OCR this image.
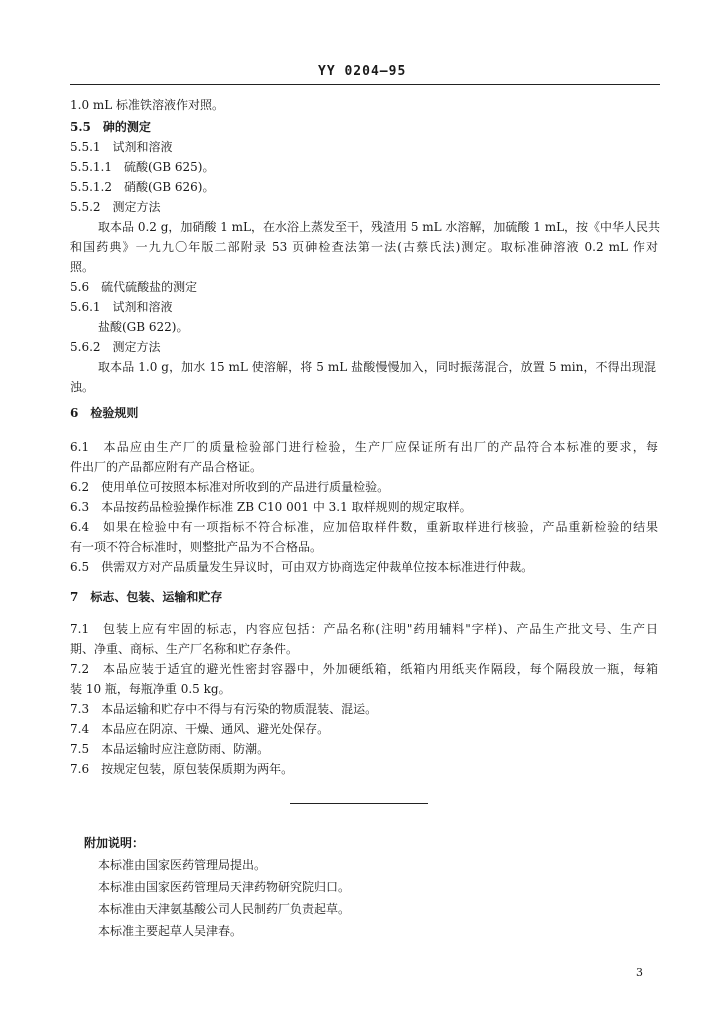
YY 0204—95
1.0 mL 标准铁溶液作对照。
5.5　砷的测定
5.5.1　试剂和溶液
5.5.1.1　硫酸(GB 625)。
5.5.1.2　硝酸(GB 626)。
5.5.2　测定方法
取本品 0.2 g，加硝酸 1 mL，在水浴上蒸发至干，残渣用 5 mL 水溶解，加硫酸 1 mL，按《中华人民共
和国药典》一九九〇年版二部附录 53 页砷检查法第一法(古蔡氏法)测定。取标准砷溶液 0.2 mL 作对
照。
5.6　硫代硫酸盐的测定
5.6.1　试剂和溶液
盐酸(GB 622)。
5.6.2　测定方法
取本品 1.0 g，加水 15 mL 使溶解，将 5 mL 盐酸慢慢加入，同时振荡混合，放置 5 min，不得出现混
浊。
6　检验规则
6.1　本品应由生产厂的质量检验部门进行检验，生产厂应保证所有出厂的产品符合本标准的要求，每
件出厂的产品都应附有产品合格证。
6.2　使用单位可按照本标准对所收到的产品进行质量检验。
6.3　本品按药品检验操作标准 ZB C10 001 中 3.1 取样规则的规定取样。
6.4　如果在检验中有一项指标不符合标准，应加倍取样件数，重新取样进行核验，产品重新检验的结果
有一项不符合标准时，则整批产品为不合格品。
6.5　供需双方对产品质量发生异议时，可由双方协商选定仲裁单位按本标准进行仲裁。
7　标志、包装、运输和贮存
7.1　包装上应有牢固的标志，内容应包括：产品名称(注明"药用辅料"字样)、产品生产批文号、生产日
期、净重、商标、生产厂名称和贮存条件。
7.2　本品应装于适宜的避光性密封容器中，外加硬纸箱，纸箱内用纸夹作隔段，每个隔段放一瓶，每箱
装 10 瓶，每瓶净重 0.5 kg。
7.3　本品运输和贮存中不得与有污染的物质混装、混运。
7.4　本品应在阴凉、干燥、通风、避光处保存。
7.5　本品运输时应注意防雨、防潮。
7.6　按规定包装，原包装保质期为两年。
附加说明：
本标准由国家医药管理局提出。
本标准由国家医药管理局天津药物研究院归口。
本标准由天津氨基酸公司人民制药厂负责起草。
本标准主要起草人吴津春。
3
